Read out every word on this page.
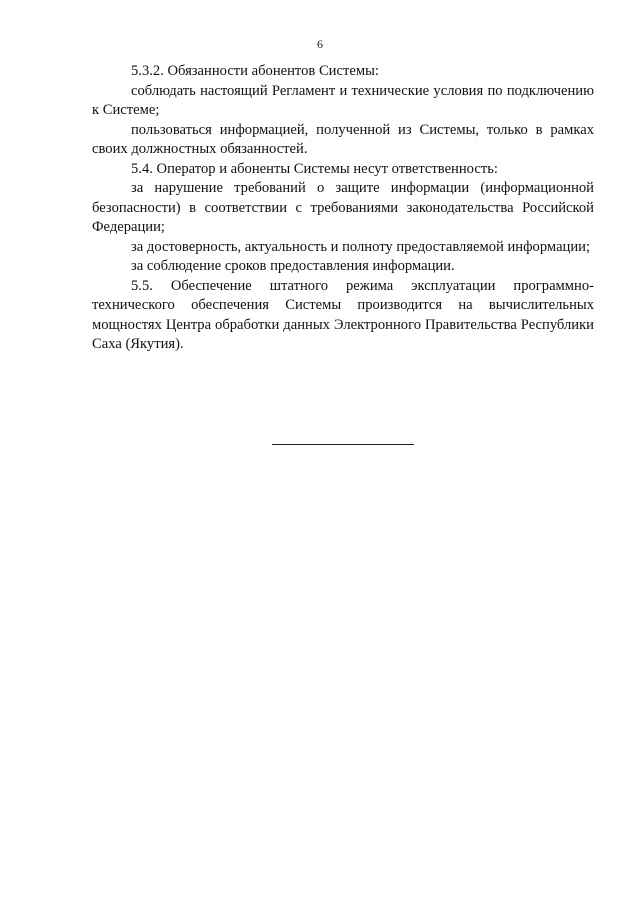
6

5.3.2. Обязанности абонентов Системы:

соблюдать настоящий Регламент и технические условия по подключению к Системе;

пользоваться информацией, полученной из Системы, только в рамках своих должностных обязанностей.

5.4. Оператор и абоненты Системы несут ответственность:

за нарушение требований о защите информации (информационной безопасности) в соответствии с требованиями законодательства Российской Федерации;

за достоверность, актуальность и полноту предоставляемой информации;

за соблюдение сроков предоставления информации.

5.5. Обеспечение штатного режима эксплуатации программно-технического обеспечения Системы производится на вычислительных мощностях Центра обработки данных Электронного Правительства Республики Саха (Якутия).
